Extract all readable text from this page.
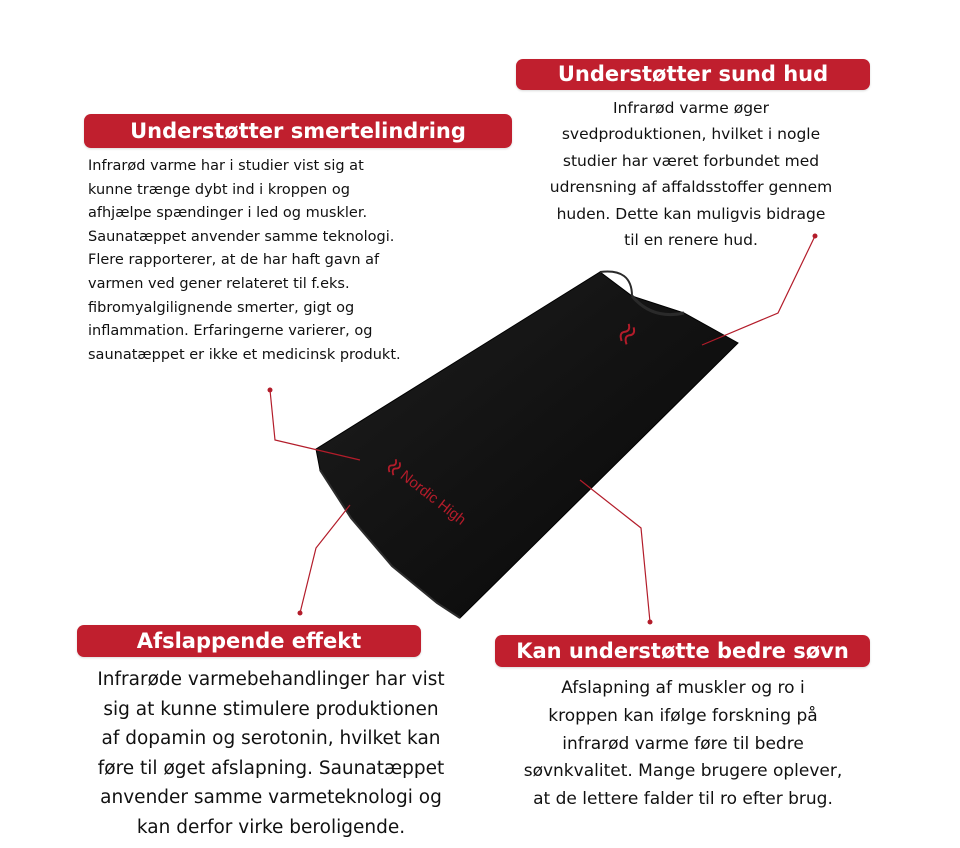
Nordic High
Understøtter smertelindring
Infrarød varme har i studier vist sig at
kunne trænge dybt ind i kroppen og
afhjælpe spændinger i led og muskler.
Saunatæppet anvender samme teknologi.
Flere rapporterer, at de har haft gavn af
varmen ved gener relateret til f.eks.
fibromyalgilignende smerter, gigt og
inflammation. Erfaringerne varierer, og
saunatæppet er ikke et medicinsk produkt.
Understøtter sund hud
Infrarød varme øger
svedproduktionen, hvilket i nogle
studier har været forbundet med
udrensning af affaldsstoffer gennem
huden. Dette kan muligvis bidrage
til en renere hud.
Afslappende effekt
Infrarøde varmebehandlinger har vist
sig at kunne stimulere produktionen
af dopamin og serotonin, hvilket kan
føre til øget afslapning. Saunatæppet
anvender samme varmeteknologi og
kan derfor virke beroligende.
Kan understøtte bedre søvn
Afslapning af muskler og ro i
kroppen kan ifølge forskning på
infrarød varme føre til bedre
søvnkvalitet. Mange brugere oplever,
at de lettere falder til ro efter brug.
